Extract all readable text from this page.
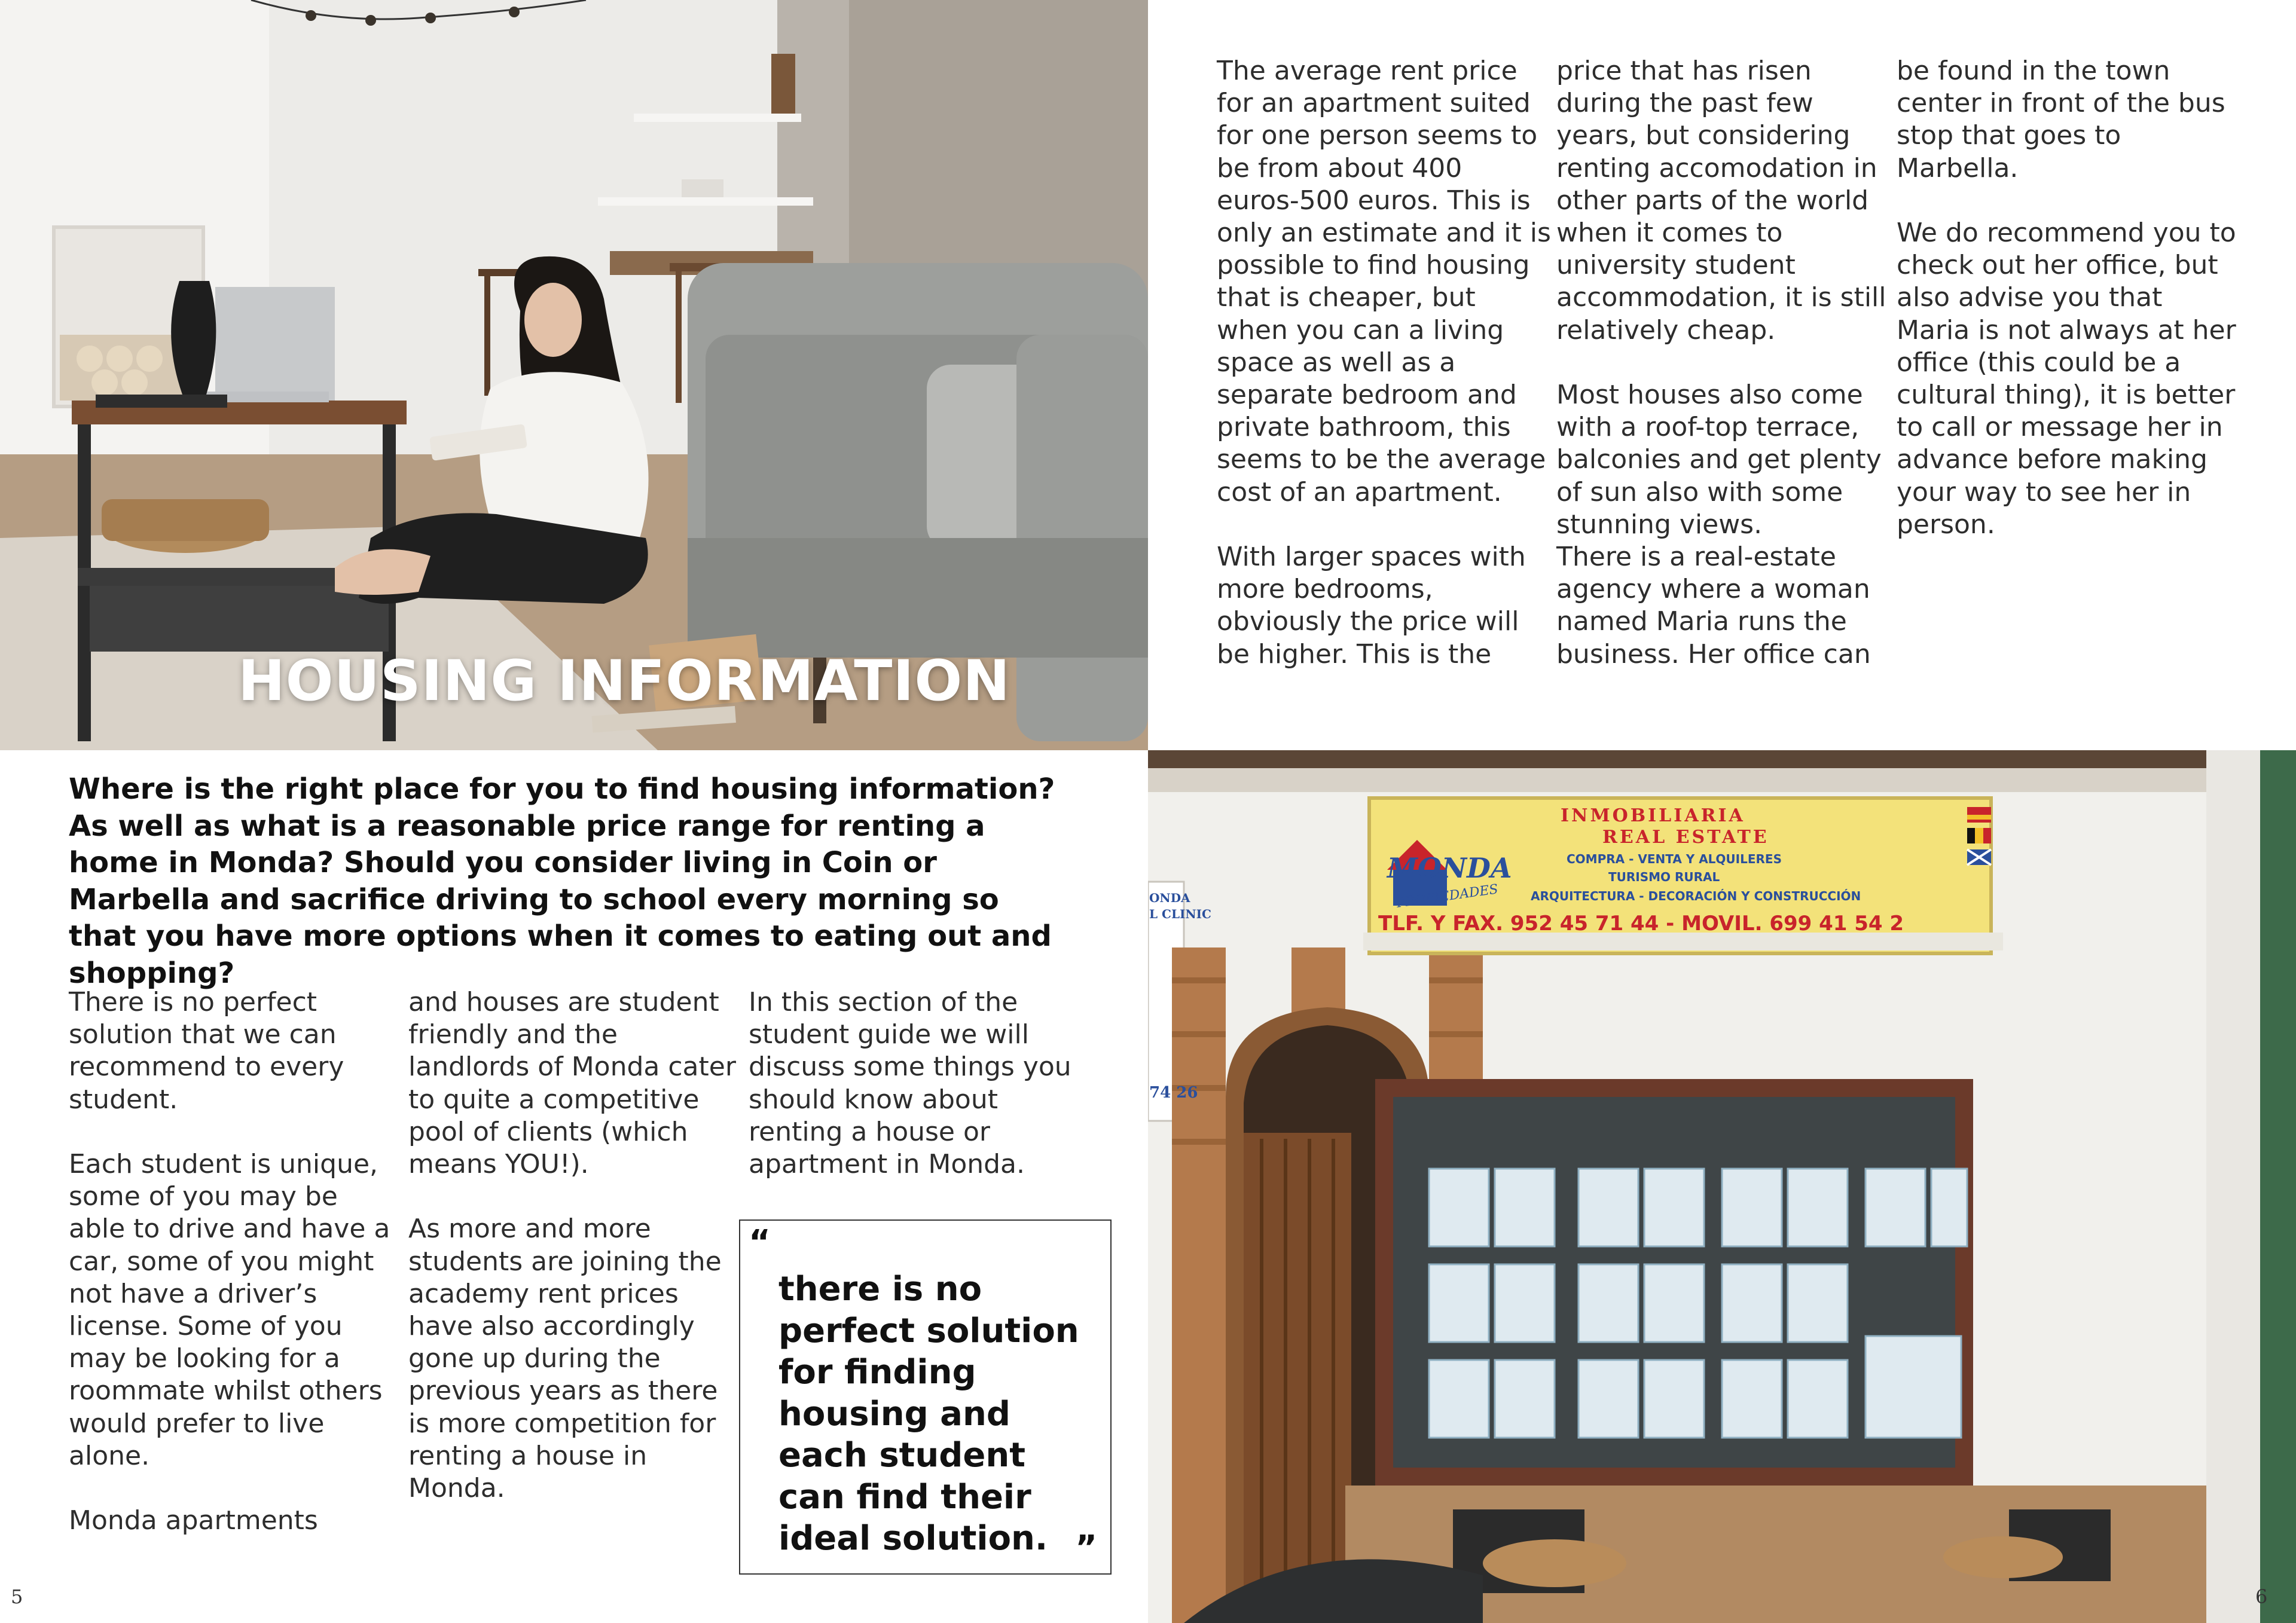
HOUSING INFORMATION
Where is the right place for you to find housing information? As well as what is a reasonable price range for renting a home in Monda? Should you consider living in Coin or Marbella and sacrifice driving to school every morning so that you have more options when it comes to eating out and shopping?

There is no perfect solution that we can recommend to every student.

Each student is unique, some of you may be able to drive and have a car, some of you might not have a driver’s license. Some of you may be looking for a roommate whilst others would prefer to live alone.

Monda apartments

and houses are student friendly and the landlords of Monda cater to quite a competitive pool of clients (which means YOU!).

As more and more students are joining the academy rent prices have also accordingly gone up during the previous years as there is more competition for renting a house in Monda.

In this section of the student guide we will discuss some things you should know about renting a house or apartment in Monda.

“

there is no perfect solution for finding housing and each student can find their ideal solution. ”
5

The average rent price for an apartment suited for one person seems to be from about 400 euros-500 euros. This is only an estimate and it is possible to find housing that is cheaper, but when you can a living space as well as a separate bedroom and private bathroom, this seems to be the average cost of an apartment.

With larger spaces with more bedrooms, obviously the price will be higher. This is the

price that has risen during the past few years, but considering renting accomodation in other parts of the world when it comes to university student accommodation, it is still relatively cheap.

Most houses also come with a roof-top terrace, balconies and get plenty of sun also with some stunning views.

There is a real-estate agency where a woman named Maria runs the business. Her office can

be found in the town center in front of the bus stop that goes to Marbella.

We do recommend you to check out her office, but also advise you that Maria is not always at her office (this could be a cultural thing), it is better to call or message her in advance before making your way to see her in person.

MONDA
PROPIEDADES
INMOBILIARIA
REAL ESTATE
COMPRA - VENTA Y ALQUILERES
TURISMO RURAL
ARQUITECTURA - DECORACIÓN Y CONSTRUCCIÓN
TLF. Y FAX. 952 45 71 44 - MOVIL. 699 41 54 2
ONDA
L CLINIC
74 26
6
